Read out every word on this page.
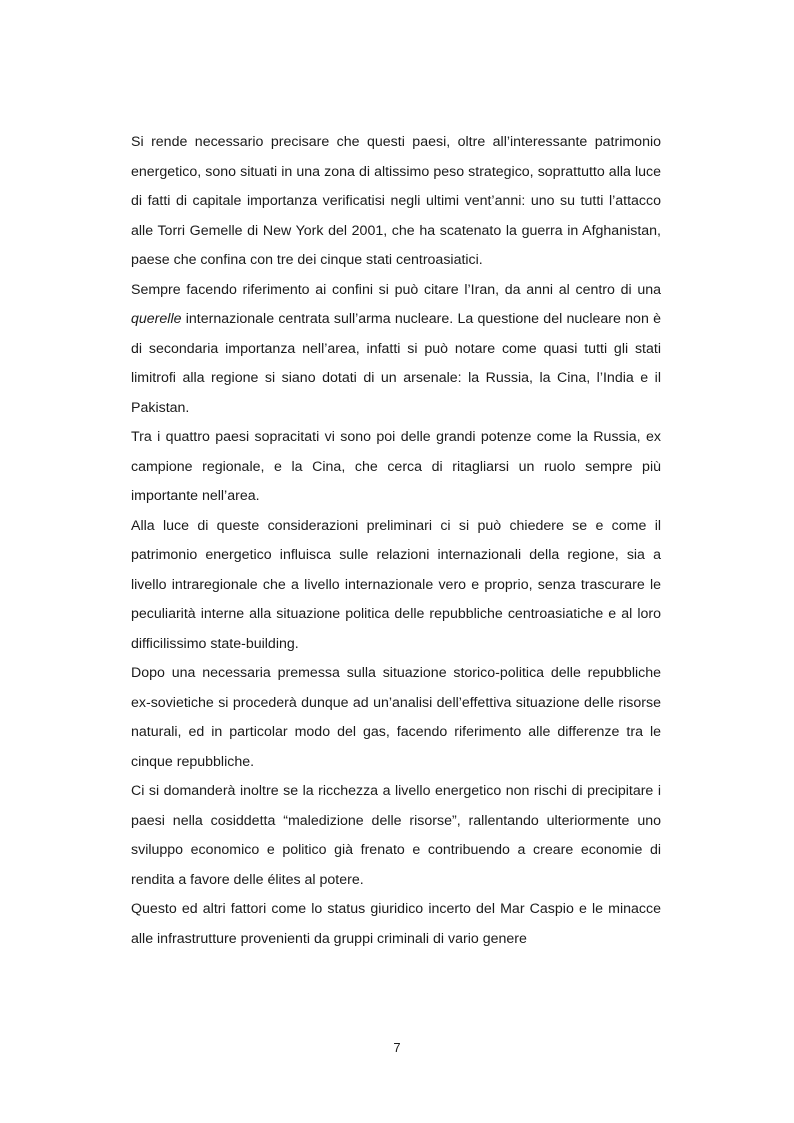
Si rende necessario precisare che questi paesi, oltre all’interessante patrimonio energetico, sono situati in una zona di altissimo peso strategico, soprattutto alla luce di fatti di capitale importanza verificatisi negli ultimi vent’anni: uno su tutti l’attacco alle Torri Gemelle di New York del 2001, che ha scatenato la guerra in Afghanistan, paese che confina con tre dei cinque stati centroasiatici.

Sempre facendo riferimento ai confini si può citare l’Iran, da anni al centro di una querelle internazionale centrata sull’arma nucleare. La questione del nucleare non è di secondaria importanza nell’area, infatti si può notare come quasi tutti gli stati limitrofi alla regione si siano dotati di un arsenale: la Russia, la Cina, l’India e il Pakistan.

Tra i quattro paesi sopracitati vi sono poi delle grandi potenze come la Russia, ex campione regionale, e la Cina, che cerca di ritagliarsi un ruolo sempre più importante nell’area.

Alla luce di queste considerazioni preliminari ci si può chiedere se e come il patrimonio energetico influisca sulle relazioni internazionali della regione, sia a livello intraregionale che a livello internazionale vero e proprio, senza trascurare le peculiarità interne alla situazione politica delle repubbliche centroasiatiche e al loro difficilissimo state-building.

Dopo una necessaria premessa sulla situazione storico-politica delle repubbliche ex-sovietiche si procederà dunque ad un’analisi dell’effettiva situazione delle risorse naturali, ed in particolar modo del gas, facendo riferimento alle differenze tra le cinque repubbliche.

Ci si domanderà inoltre se la ricchezza a livello energetico non rischi di precipitare i paesi nella cosiddetta “maledizione delle risorse”, rallentando ulteriormente uno sviluppo economico e politico già frenato e contribuendo a creare economie di rendita a favore delle élites al potere.

Questo ed altri fattori come lo status giuridico incerto del Mar Caspio e le minacce alle infrastrutture provenienti da gruppi criminali di vario genere

7
